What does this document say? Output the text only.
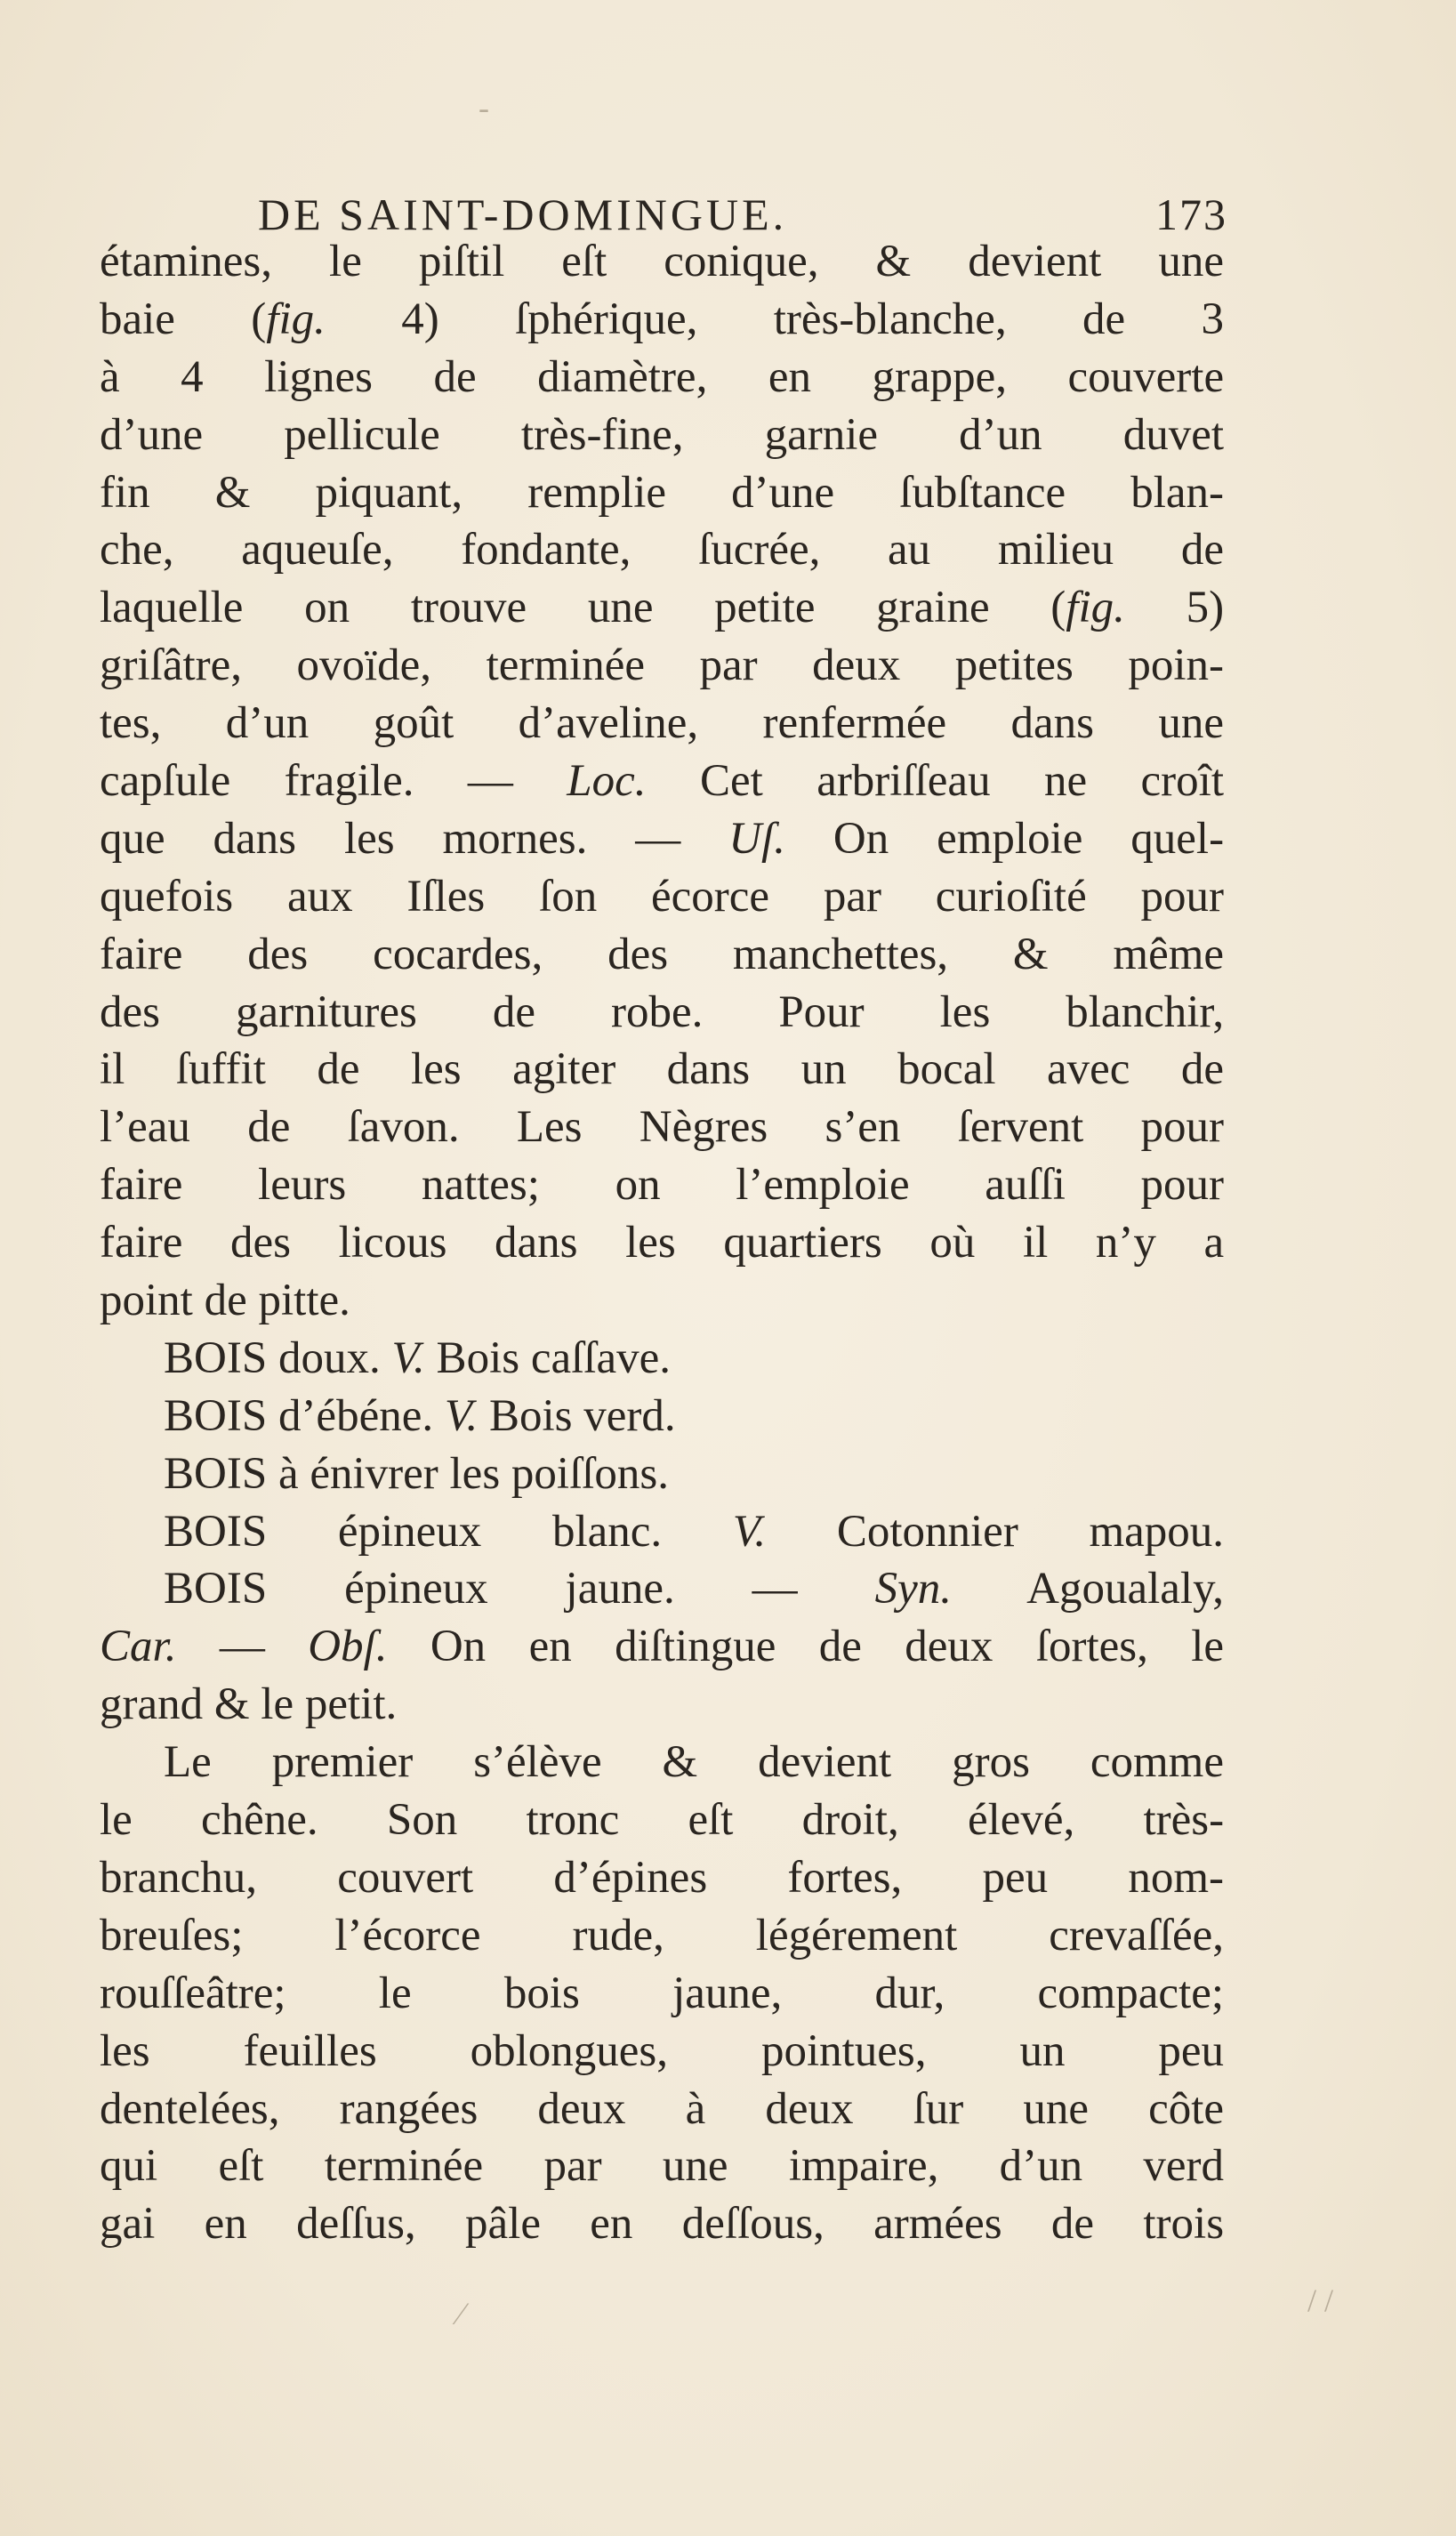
-
DE SAINT-DOMINGUE.	173
étamines, le piſtil eſt conique, & devient une
baie (fig. 4) ſphérique, très-blanche, de 3
à 4 lignes de diamètre, en grappe, couverte
d’une pellicule très-fine, garnie d’un duvet
fin & piquant, remplie d’une ſubſtance blan-
che, aqueuſe, fondante, ſucrée, au milieu de
laquelle on trouve une petite graine (fig. 5)
griſâtre, ovoïde, terminée par deux petites poin-
tes, d’un goût d’aveline, renfermée dans une
capſule fragile. — Loc. Cet arbriſſeau ne croît
que dans les mornes. — Uſ. On emploie quel-
quefois aux Iſles ſon écorce par curioſité pour
faire des cocardes, des manchettes, & même
des garnitures de robe. Pour les blanchir,
il ſuffit de les agiter dans un bocal avec de
l’eau de ſavon. Les Nègres s’en ſervent pour
faire leurs nattes; on l’emploie auſſi pour
faire des licous dans les quartiers où il n’y a
point de pitte.
BOIS doux. V. Bois caſſave.
BOIS d’ébéne. V. Bois verd.
BOIS à énivrer les poiſſons.
BOIS épineux blanc. V. Cotonnier mapou.
BOIS épineux jaune. — Syn. Agoualaly,
Car. — Obſ. On en diſtingue de deux ſortes, le
grand & le petit.
Le premier s’élève & devient gros comme
le chêne. Son tronc eſt droit, élevé, très-
branchu, couvert d’épines fortes, peu nom-
breuſes; l’écorce rude, légérement crevaſſée,
rouſſeâtre; le bois jaune, dur, compacte;
les feuilles oblongues, pointues, un peu
dentelées, rangées deux à deux ſur une côte
qui eſt terminée par une impaire, d’un verd
gai en deſſus, pâle en deſſous, armées de trois
⁄	/ /
